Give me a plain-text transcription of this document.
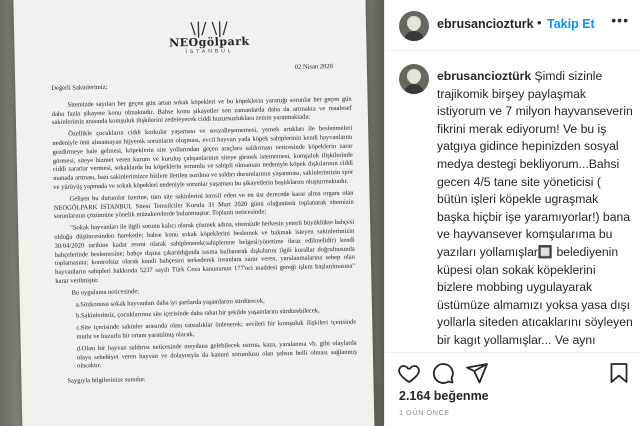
\|/ \|/
NEOgölpark
İSTANBUL
02 Nisan 2020

Değerli Sakinlerimiz;

Sitemizde sayıları her geçen gün artan sokak köpekleri ve bu köpeklerin yarattığı sorunlar her geçen gün daha fazla şikayete konu olmaktadır. Bahse konu şikayetler son zamanlarda daha da artmakta ve maalesef sakinlerimiz arasında komşuluk ilişkilerini zedeleyecek ciddi huzursuzluklara zemin yaratmaktadır.

Özellikle çocukların ciddi korkular yaşaması ve sosyalleşememesi, yemek artıkları ile beslenmeleri nedeniyle önü alınamayan hijyenik sorunların oluşması, evcil hayvan yada köpek sahiplerinin kendi hayvanlarını gezdirmeye hale gelmesi, köpeklerin site yollarından geçen araçlara saldırması neticesinde köpeklerin zarar görmesi, siteye hizmet veren kurum ve kuruluş çalışanlarının siteye girmek istememesi, komşuluk ilişkilerinde ciddi zararlar vermesi, sokaklarda bu köpeklerin sorumlu ve sahipli olmaması nedeniyle köpek dışkılarının ciddi manada artması, bazı sakinlerimizce bizlere iletilen ısırılma ve saldırı durumlarının yaşanması, sakinlerimizin spor ve yürüyüş yapmada ve sokak köpekleri nedeniyle sorunlar yaşaması bu şikayetlerin başlıklarını oluşturmaktadır.

Gelişen bu durumlar üzerine, tüm site sakinlerini temsil eden ve en üst derecede karar alma organı olan NEOGÖLPARK İSTANBUL Sitesi Temsilciler Kurulu 31 Mart 2020 günü olağanüstü toplanarak sitemizin sorunlarının çözümüne yönelik müzakerelerde bulunmuştur. Toplantı neticesinde;

"Sokak hayvanları ile ilgili sorunu kalıcı olarak çözmek adına, sitemizde herkesin yeterli büyüklükte bahçesi olduğu düşüncesinden hareketle; bahse konu sokak köpeklerini beslemek ve bakmak isteyen sakinlerimizin 30/04/2020 tarihine kadar resmi olarak sahiplenerek(sahiplenme belgesi/yönetime ibraz edilmelidir) kendi bahçelerinde beslemesine; bahçe dışına çıkarıldığında tasma kullanarak dışkılarını ilgili kurallar doğrultusunda toplamasına; kontrolsüz olarak kendi bahçesini terkederek insanlara zarar veren, yaralanmalarına sebep olan hayvanların sahipleri hakkında 5237 sayılı Türk Ceza kanununun 177'nci maddesi gereği işlem başlatılmasına" karar verilmiştir.

Bu uygulama neticesinde;

a.Sözkonusu sokak hayvanları daha iyi şartlarda yaşamlarını sürdürecek,

b.Sakinlerimiz, çocuklarımız site içerisinde daha rahat bir şekilde yaşamlarını sürdürebilecek,

c.Site içerisinde sakinler arasında olası tatsızlıklar önlenerek; sevileri bir komşuluk ilişkileri içerisinde mutlu ve huzurlu bir ortam yaratılmış olacak,

d.Olası bir hayvan saldırısı neticesinde meydana gelebilecek ısırma, kaza, yaralanma vb. gibi olaylarda olaya sebebiyet veren hayvan ve dolayısıyla da kanuni sorumlusu olan şahsın belli olması sağlanmış olacaktır.

Saygıyla bilgilerinize sunulur.

ebrusanciozturk • Takip Et •••
ebrusancioztürk Şimdi sizinle trajikomik birşey paylaşmak istiyorum ve 7 milyon hayvanseverin fikrini merak ediyorum! Ve bu iş yatgıya gidince hepinizden sosyal medya destegi bekliyorum...Bahsi gecen 4/5 tane site yöneticisi ( bütün işleri köpekle ugraşmak başka hiçbir işe yaramıyorlar!) bana ve hayvansever komşularıma bu yazıları yollamışlar🔲 belediyenin küpesi olan sokak köpeklerini bizlere mobbing uygulayarak üstümüze almamızı yoksa yasa dışı yollarla siteden atıcaklarını söyleyen bir kagıt yollamışlar... Ve aynı
2.164 beğenme
1 GÜN ÖNCE
